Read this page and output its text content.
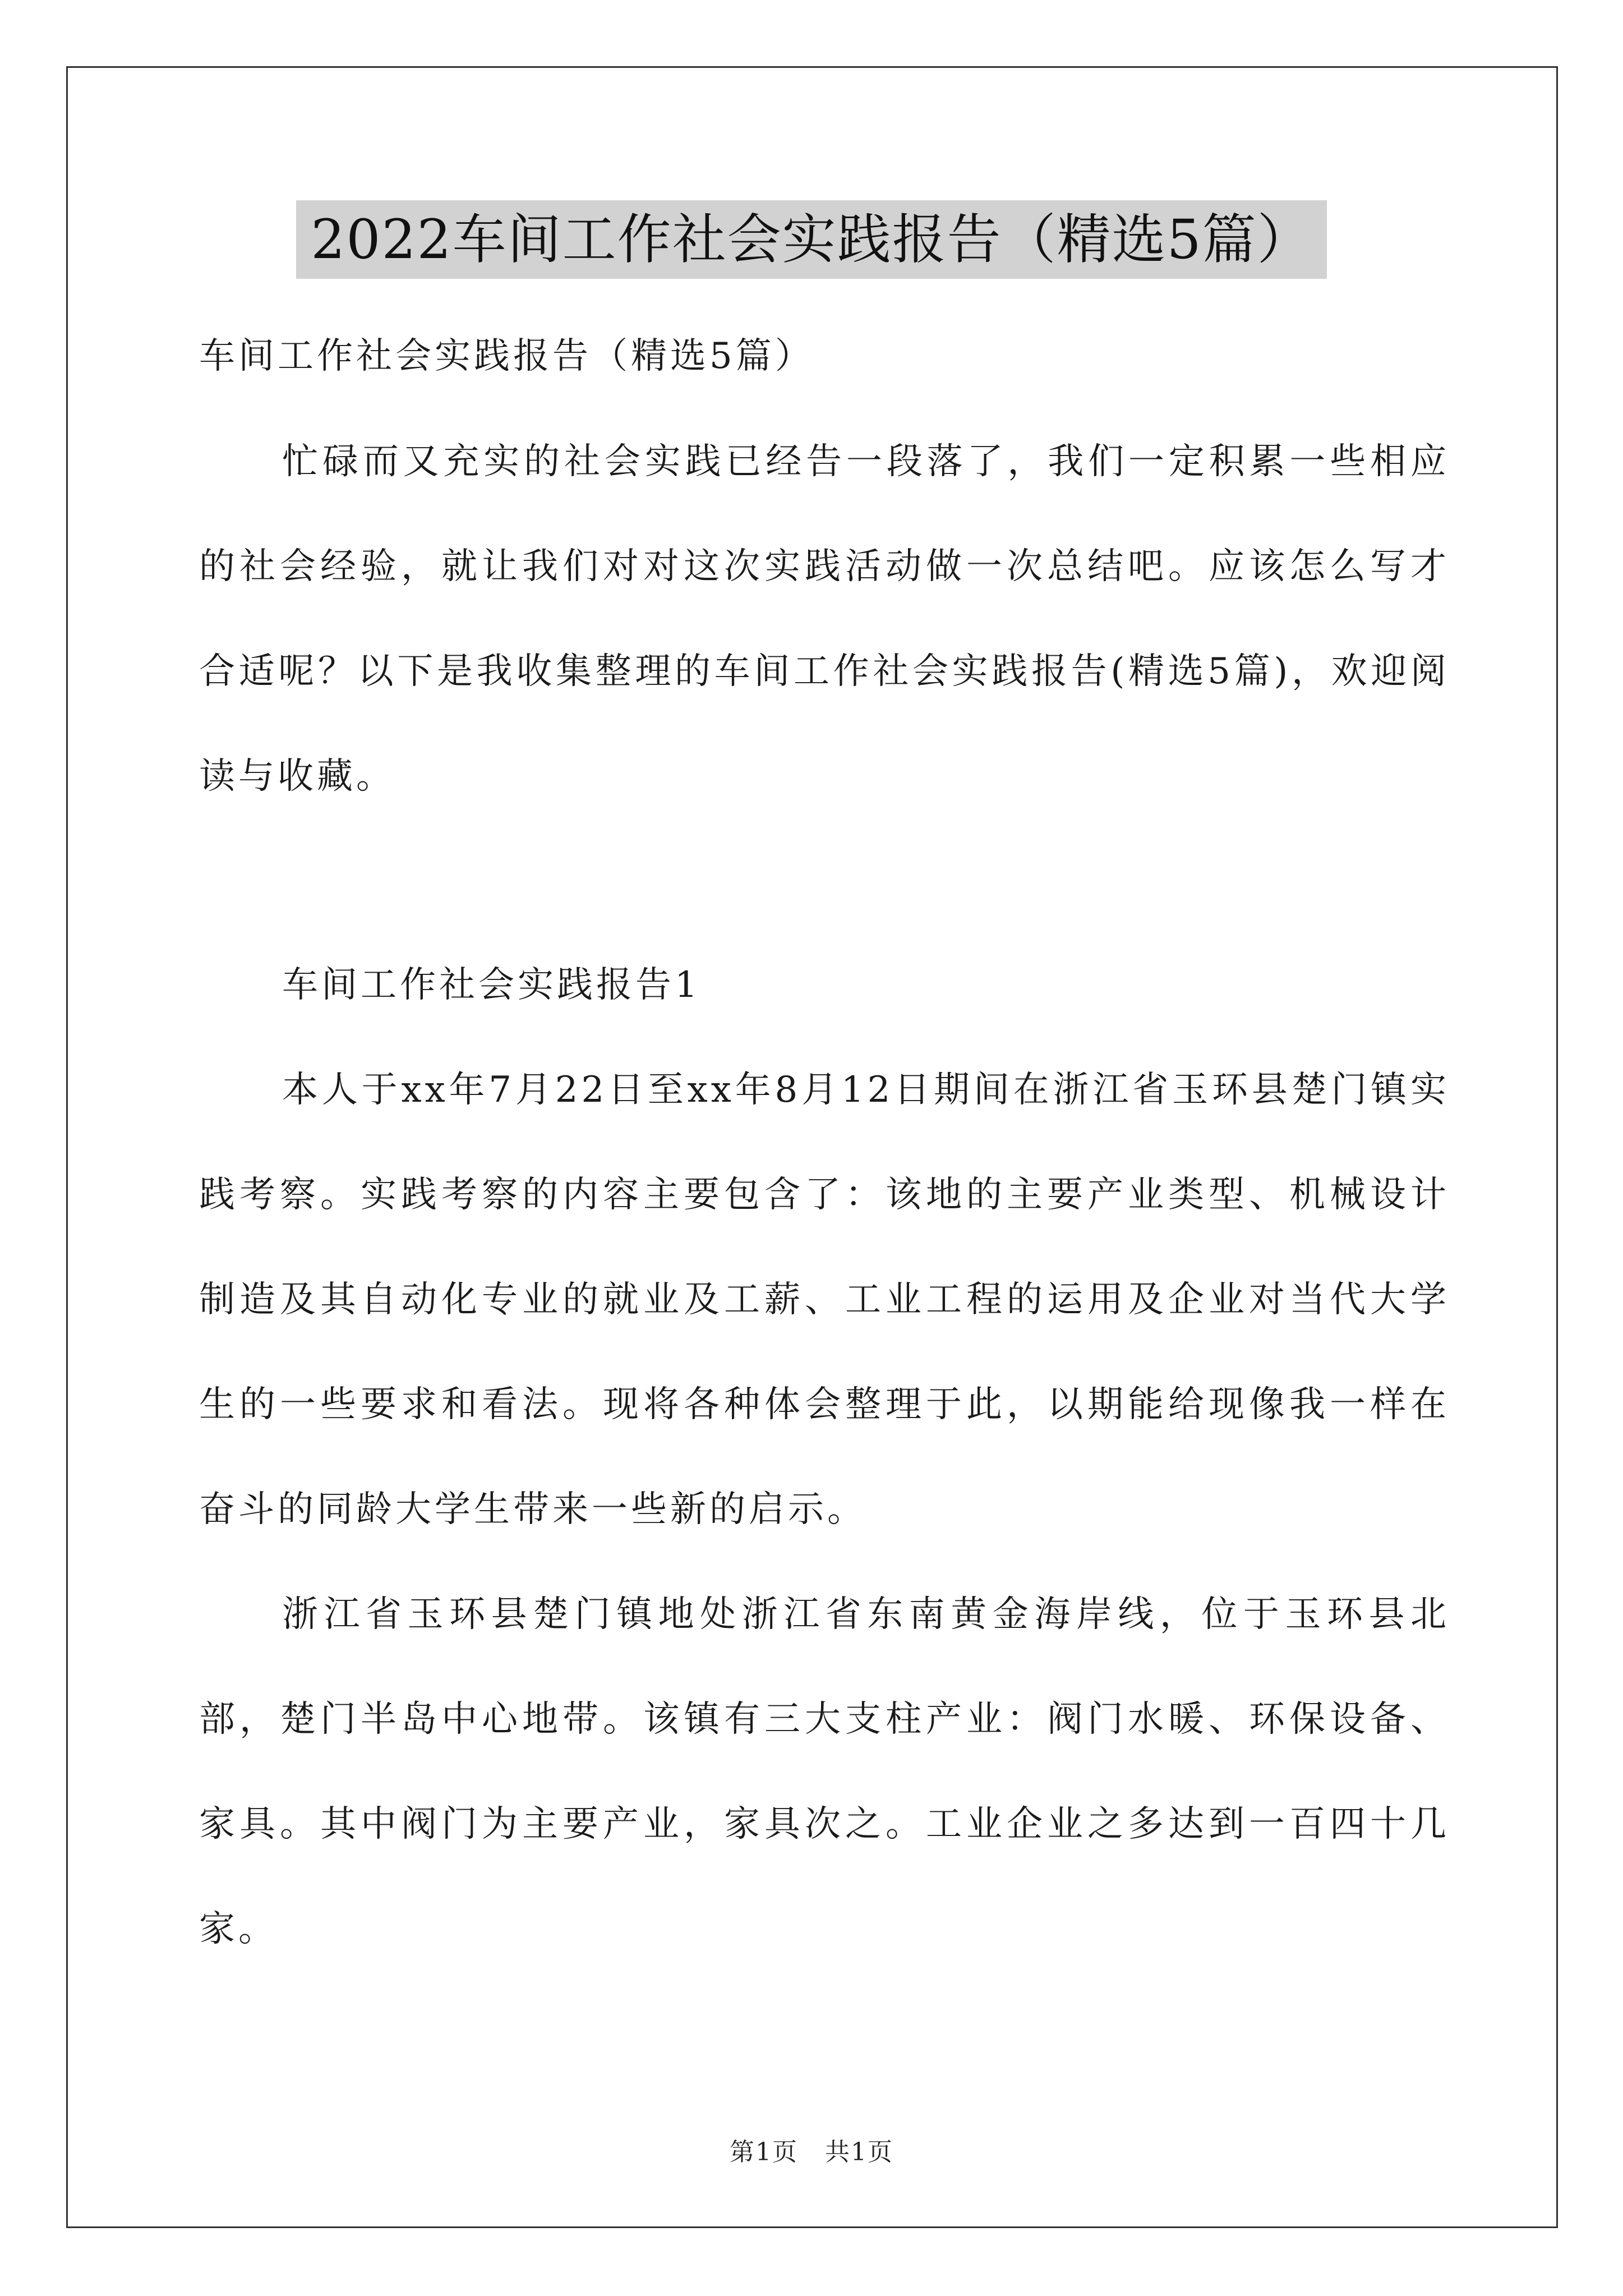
2022车间工作社会实践报告（精选5篇）

车间工作社会实践报告（精选5篇）

忙碌而又充实的社会实践已经告一段落了，我们一定积累一些相应的社会经验，就让我们对对这次实践活动做一次总结吧。应该怎么写才合适呢？以下是我收集整理的车间工作社会实践报告(精选5篇)，欢迎阅读与收藏。

车间工作社会实践报告1

本人于xx年7月22日至xx年8月12日期间在浙江省玉环县楚门镇实践考察。实践考察的内容主要包含了：该地的主要产业类型、机械设计制造及其自动化专业的就业及工薪、工业工程的运用及企业对当代大学生的一些要求和看法。现将各种体会整理于此，以期能给现像我一样在奋斗的同龄大学生带来一些新的启示。

浙江省玉环县楚门镇地处浙江省东南黄金海岸线，位于玉环县北部，楚门半岛中心地带。该镇有三大支柱产业：阀门水暖、环保设备、家具。其中阀门为主要产业，家具次之。工业企业之多达到一百四十几家。

第1页 共1页
